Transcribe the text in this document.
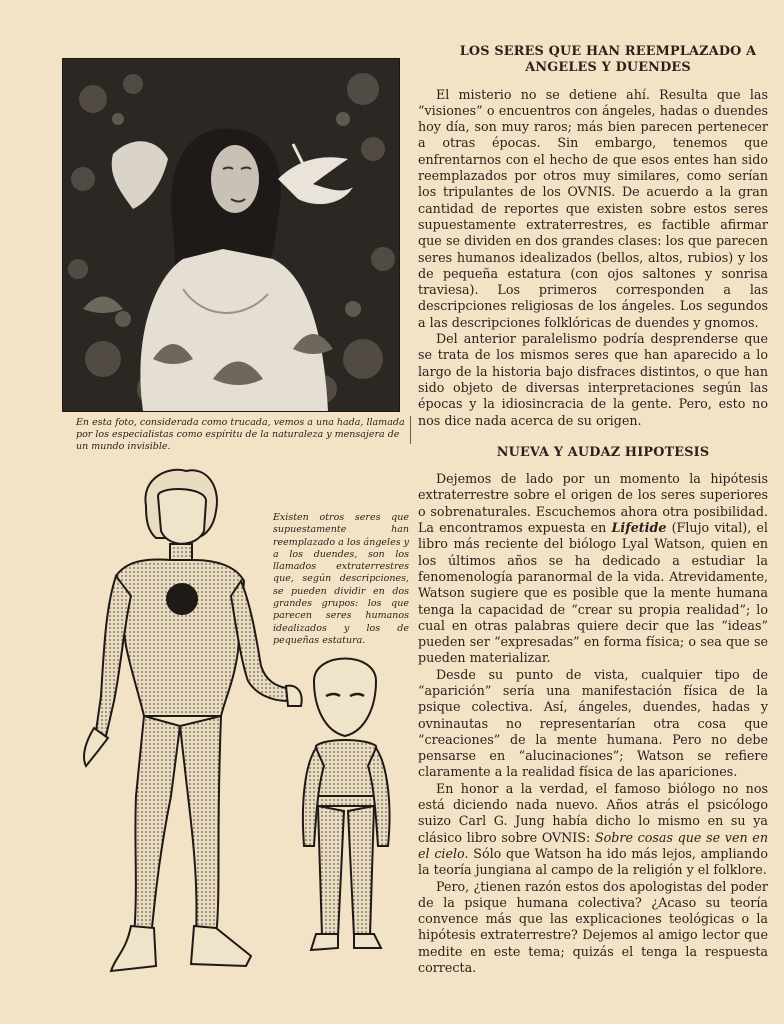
En esta foto, considerada como trucada, vemos a una hada, llamada por los especialistas como espíritu de la naturaleza y mensajera de un mundo invisible.
Existen otros seres que supuestamente han reemplazado a los ángeles y a los duendes, son los llamados extraterrestres que, según descripciones, se pueden dividir en dos grandes grupos: los que parecen seres humanos idealizados y los de pequeñas estatura.
LOS SERES QUE HAN REEMPLAZADO A
ANGELES Y DUENDES

El misterio no se detiene ahí. Resulta que las “visiones” o encuentros con ángeles, hadas o duendes hoy día, son muy raros; más bien parecen pertenecer a otras épocas. Sin embargo, tenemos que enfrentarnos con el hecho de que esos entes han sido reemplazados por otros muy similares, como serían los tripulantes de los OVNIS. De acuerdo a la gran cantidad de reportes que existen sobre estos seres supuestamente extraterrestres, es factible afirmar que se dividen en dos grandes clases: los que parecen seres humanos idealizados (bellos, altos, rubios) y los de pequeña estatura (con ojos saltones y sonrisa traviesa). Los primeros corresponden a las descripciones religiosas de los ángeles. Los segundos a las descripciones folklóricas de duendes y gnomos.

Del anterior paralelismo podría desprenderse que se trata de los mismos seres que han aparecido a lo largo de la historia bajo disfraces distintos, o que han sido objeto de diversas interpretaciones según las épocas y la idiosincracia de la gente. Pero, esto no nos dice nada acerca de su origen.

NUEVA Y AUDAZ HIPOTESIS

Dejemos de lado por un momento la hipótesis extraterrestre sobre el origen de los seres superiores o sobrenaturales. Escuchemos ahora otra posibilidad. La encontramos expuesta en Lifetide (Flujo vital), el libro más reciente del biólogo Lyal Watson, quien en los últimos años se ha dedicado a estudiar la fenomenología paranormal de la vida. Atrevidamente, Watson sugiere que es posible que la mente humana tenga la capacidad de “crear su propia realidad”; lo cual en otras palabras quiere decir que las “ideas” pueden ser “expresadas” en forma física; o sea que se pueden materializar.

Desde su punto de vista, cualquier tipo de “aparición” sería una manifestación física de la psique colectiva. Así, ángeles, duendes, hadas y ovninautas no representarían otra cosa que “creaciones” de la mente humana. Pero no debe pensarse en “alucinaciones”; Watson se refiere claramente a la realidad física de las apariciones.

En honor a la verdad, el famoso biólogo no nos está diciendo nada nuevo. Años atrás el psicólogo suizo Carl G. Jung había dicho lo mismo en su ya clásico libro sobre OVNIS: Sobre cosas que se ven en el cielo. Sólo que Watson ha ido más lejos, ampliando la teoría jungiana al campo de la religión y el folklore.

Pero, ¿tienen razón estos dos apologistas del poder de la psique humana colectiva? ¿Acaso su teoría convence más que las explicaciones teológicas o la hipótesis extraterrestre? Dejemos al amigo lector que medite en este tema; quizás el tenga la respuesta correcta.
